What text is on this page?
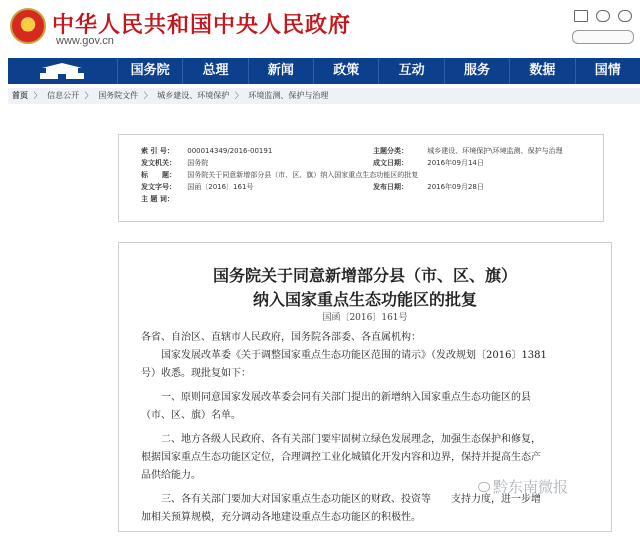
中华人民共和国中央人民政府
www.gov.cn
国务院	总理	新闻	政策	互动	服务	数据	国情
首页 〉 信息公开 〉 国务院文件 〉 城乡建设、环境保护 〉 环境监测、保护与治理
索 引 号： 000014349/2016-00191
发文机关： 国务院
标　　题： 国务院关于同意新增部分县（市、区、旗）纳入国家重点生态功能区的批复
发文字号： 国函〔2016〕161号
主 题 词：
主题分类：	城乡建设、环境保护\环境监测、保护与治理
成文日期：	2016年09月14日
发布日期：	2016年09月28日
国务院关于同意新增部分县（市、区、旗）
纳入国家重点生态功能区的批复
国函〔2016〕161号
各省、自治区、直辖市人民政府，国务院各部委、各直属机构：
　　国家发展改革委《关于调整国家重点生态功能区范围的请示》（发改规划〔2016〕1381
号）收悉。现批复如下：
　　一、原则同意国家发展改革委会同有关部门提出的新增纳入国家重点生态功能区的县
（市、区、旗）名单。
　　二、地方各级人民政府、各有关部门要牢固树立绿色发展理念，加强生态保护和修复，
根据国家重点生态功能区定位，合理调控工业化城镇化开发内容和边界，保持并提高生态产
品供给能力。
　　三、各有关部门要加大对国家重点生态功能区的财政、投资等　　支持力度，进一步增
加相关预算规模，充分调动各地建设重点生态功能区的积极性。
黔东南微报
